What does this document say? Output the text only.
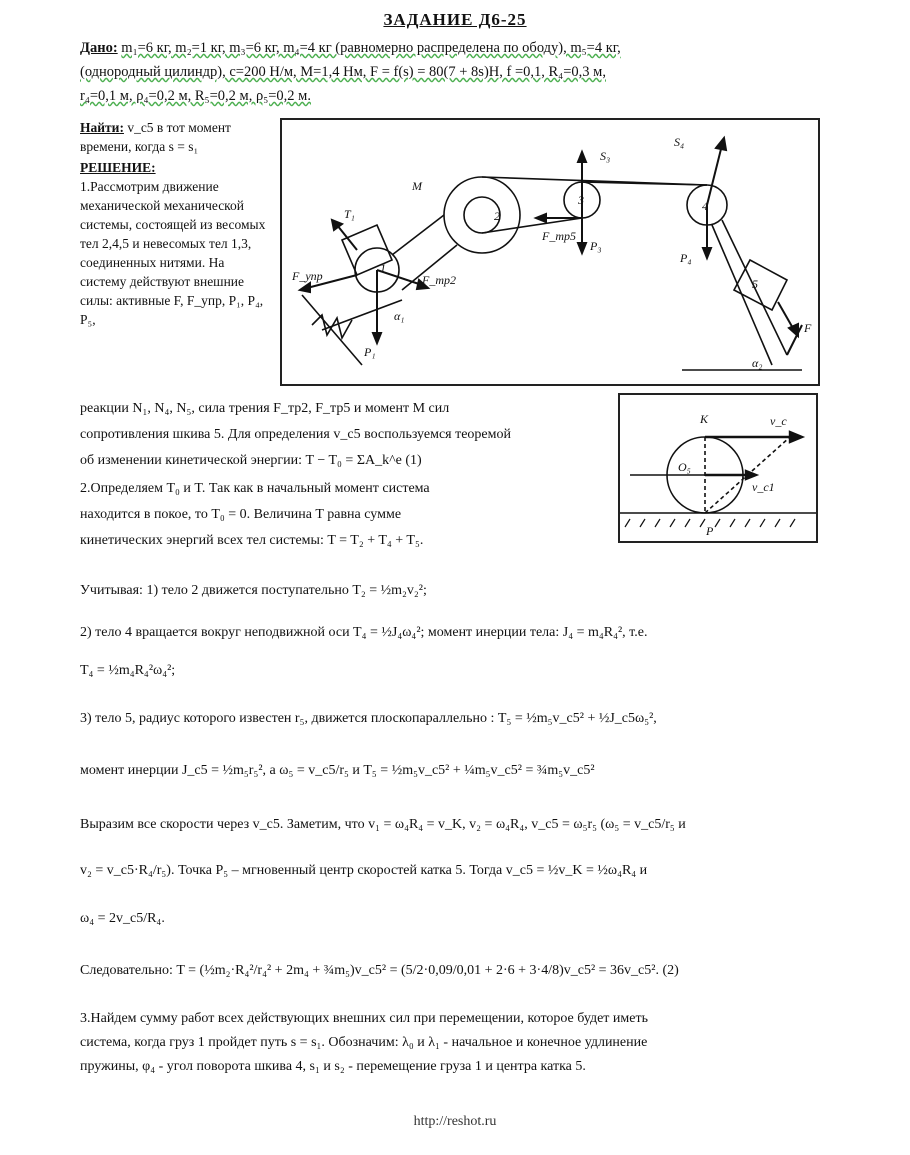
ЗАДАНИЕ Д6-25
Дано: m₁=6 кг, m₂=1 кг, m₃=6 кг, m₄=4 кг (равномерно распределена по ободу), m₅=4 кг,
(однородный цилиндр), c=200 Н/м, M=1,4 Нм, F = f(s) = 80(7 + 8s)Н, f =0,1, R₄=0,3 м,
r₄=0,1 м, ρ₄=0,2 м, R₅=0,2 м, ρ₅=0,2 м.
Найти: v_c5 в тот момент времени, когда s = s₁
РЕШЕНИЕ:
1.Рассмотрим движение механической механической системы, состоящей из весомых тел 2,4,5 и невесомых тел 1,3, соединенных нитями. На систему действуют внешние силы: активные F, F_упр, P₁, P₄, P₅,
S₃
S₄
M
T₁
F_упр	F_тр2
F_тр5
P₃
P₄
P₁
F
1
2
3	4
5
α₁
α₂
K	v_c
O₅
v_c1
P

реакции N₁, N₄, N₅, сила трения F_тр2, F_тр5 и момент M сил

сопротивления шкива 5. Для определения v_c5 воспользуемся теоремой

об изменении кинетической энергии: T − T₀ = ΣA_k^e (1)

2.Определяем T₀ и T. Так как в начальный момент система

находится в покое, то T₀ = 0. Величина T равна сумме

кинетических энергий всех тел системы: T = T₂ + T₄ + T₅.

Учитывая: 1) тело 2 движется поступательно T₂ = ½m₂v₂²;

2) тело 4 вращается вокруг неподвижной оси T₄ = ½J₄ω₄²; момент инерции тела: J₄ = m₄R₄², т.е.

T₄ = ½m₄R₄²ω₄²;

3) тело 5, радиус которого известен r₅, движется плоскопараллельно : T₅ = ½m₅v_c5² + ½J_c5ω₅²,

момент инерции J_c5 = ½m₅r₅², a ω₅ = v_c5/r₅ и T₅ = ½m₅v_c5² + ¼m₅v_c5² = ¾m₅v_c5²

Выразим все скорости через v_c5. Заметим, что v₁ = ω₄R₄ = v_K, v₂ = ω₄R₄, v_c5 = ω₅r₅ (ω₅ = v_c5/r₅ и

v₂ = v_c5·R₄/r₅). Точка P₅ – мгновенный центр скоростей катка 5. Тогда v_c5 = ½v_K = ½ω₄R₄ и

ω₄ = 2v_c5/R₄.

Следовательно: T = (½m₂·R₄²/r₄² + 2m₄ + ¾m₅)v_c5² = (5/2·0,09/0,01 + 2·6 + 3·4/8)v_c5² = 36v_c5². (2)

3.Найдем сумму работ всех действующих внешних сил при перемещении, которое будет иметь

система, когда груз 1 пройдет путь s = s₁. Обозначим: λ₀ и λ₁ - начальное и конечное удлинение

пружины, φ₄ - угол поворота шкива 4, s₁ и s₂ - перемещение груза 1 и центра катка 5.

http://reshot.ru
